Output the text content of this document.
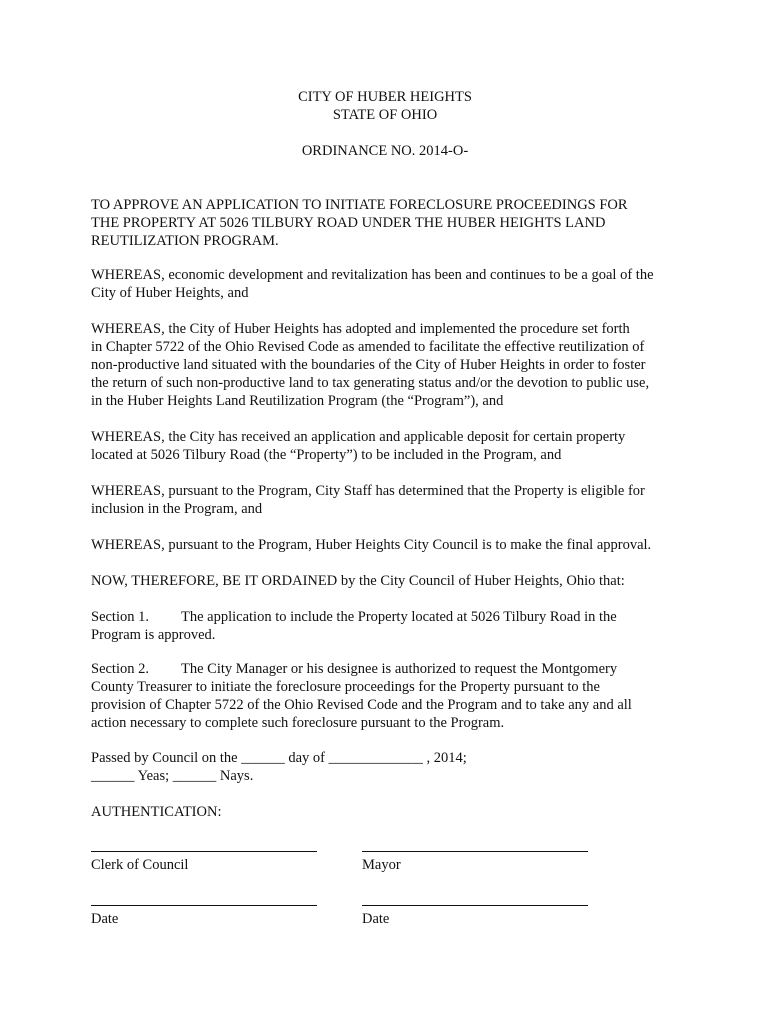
CITY OF HUBER HEIGHTS
STATE OF OHIO
ORDINANCE NO. 2014-O-
TO APPROVE AN APPLICATION TO INITIATE FORECLOSURE PROCEEDINGS FOR
THE PROPERTY AT 5026 TILBURY ROAD UNDER THE HUBER HEIGHTS LAND
REUTILIZATION PROGRAM.
WHEREAS, economic development and revitalization has been and continues to be a goal of the
City of Huber Heights, and
WHEREAS, the City of Huber Heights has adopted and implemented the procedure set forth
in Chapter 5722 of the Ohio Revised Code as amended to facilitate the effective reutilization of
non-productive land situated with the boundaries of the City of Huber Heights in order to foster
the return of such non-productive land to tax generating status and/or the devotion to public use,
in the Huber Heights Land Reutilization Program (the “Program”), and
WHEREAS, the City has received an application and applicable deposit for certain property
located at 5026 Tilbury Road (the “Property”) to be included in the Program, and
WHEREAS, pursuant to the Program, City Staff has determined that the Property is eligible for
inclusion in the Program, and
WHEREAS, pursuant to the Program, Huber Heights City Council is to make the final approval.
NOW, THEREFORE, BE IT ORDAINED by the City Council of Huber Heights, Ohio that:
Section 1. The application to include the Property located at 5026 Tilbury Road in the
Program is approved.
Section 2. The City Manager or his designee is authorized to request the Montgomery
County Treasurer to initiate the foreclosure proceedings for the Property pursuant to the
provision of Chapter 5722 of the Ohio Revised Code and the Program and to take any and all
action necessary to complete such foreclosure pursuant to the Program.
Passed by Council on the ______ day of _____________ , 2014;
______ Yeas; ______ Nays.
AUTHENTICATION:
Clerk of Council	Mayor
Date	Date
